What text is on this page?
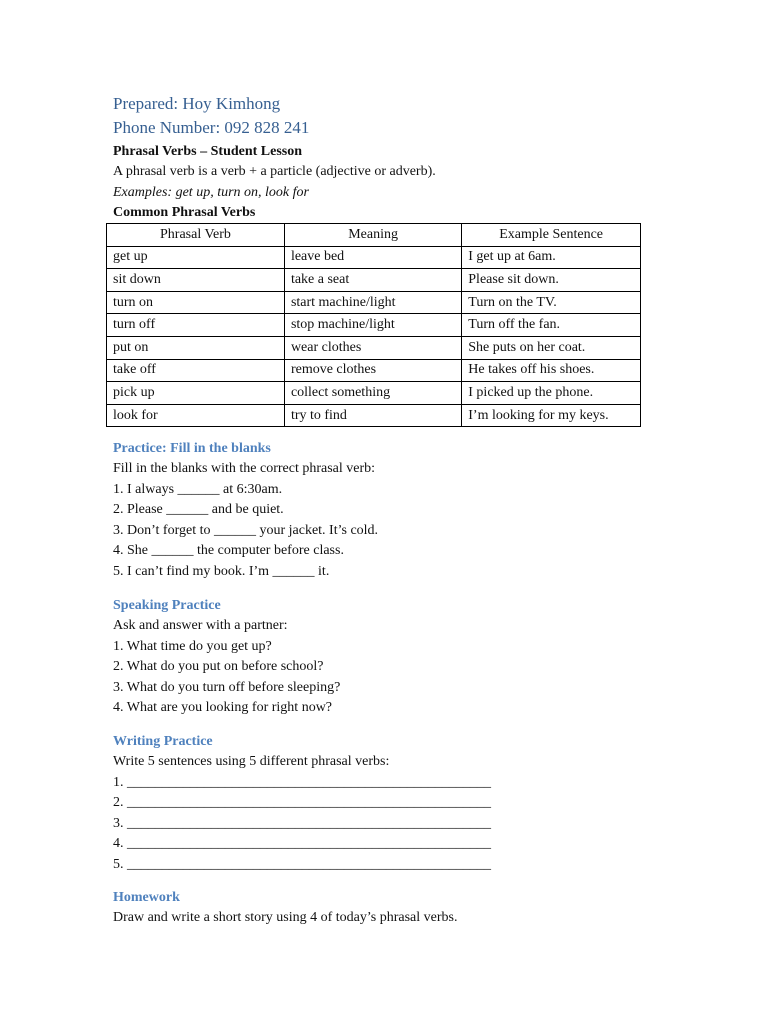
Prepared: Hoy Kimhong
Phone Number: 092 828 241
Phrasal Verbs – Student Lesson
A phrasal verb is a verb + a particle (adjective or adverb).
Examples: get up, turn on, look for
Common Phrasal Verbs
Phrasal Verb	Meaning	Example Sentence
get up	leave bed	I get up at 6am.
sit down	take a seat	Please sit down.
turn on	start machine/light	Turn on the TV.
turn off	stop machine/light	Turn off the fan.
put on	wear clothes	She puts on her coat.
take off	remove clothes	He takes off his shoes.
pick up	collect something	I picked up the phone.
look for	try to find	I’m looking for my keys.
Practice: Fill in the blanks
Fill in the blanks with the correct phrasal verb:
1. I always ______ at 6:30am.
2. Please ______ and be quiet.
3. Don’t forget to ______ your jacket. It’s cold.
4. She ______ the computer before class.
5. I can’t find my book. I’m ______ it.
Speaking Practice
Ask and answer with a partner:
1. What time do you get up?
2. What do you put on before school?
3. What do you turn off before sleeping?
4. What are you looking for right now?
Writing Practice
Write 5 sentences using 5 different phrasal verbs:
1. ____________________________________________________
2. ____________________________________________________
3. ____________________________________________________
4. ____________________________________________________
5. ____________________________________________________
Homework
Draw and write a short story using 4 of today’s phrasal verbs.
